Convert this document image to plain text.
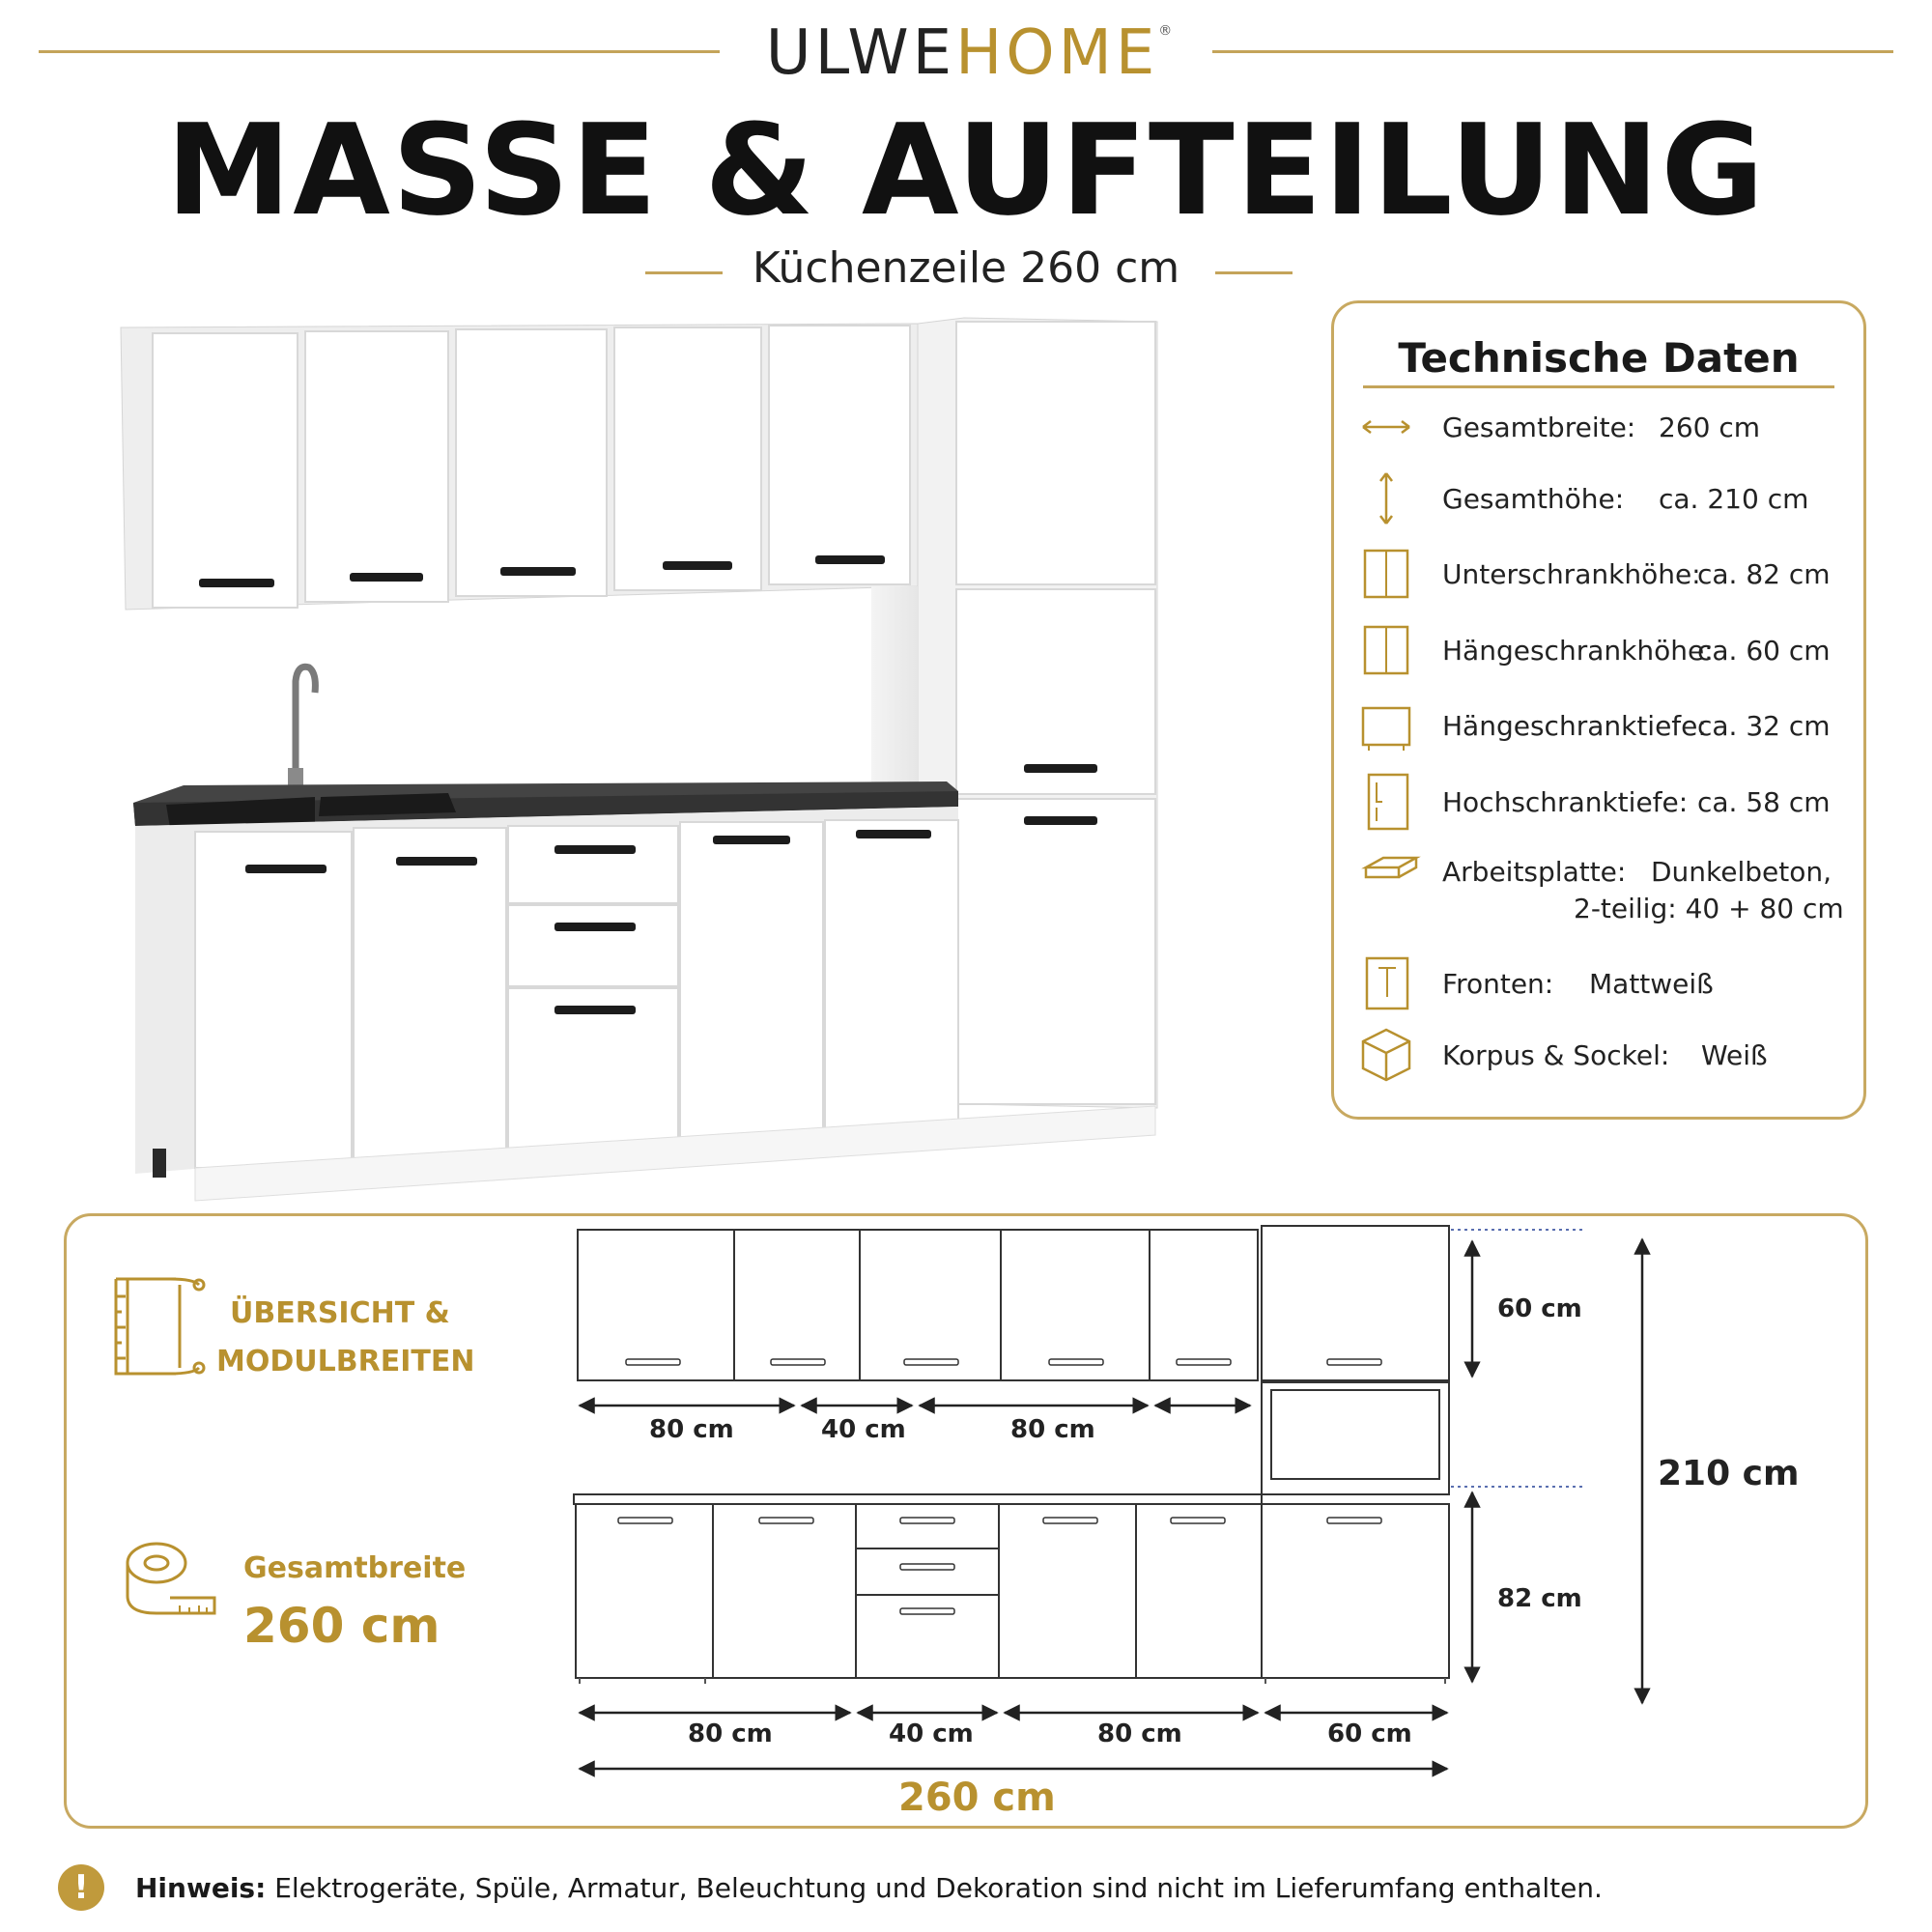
ULWEHOME®
MASSE & AUFTEILUNG
Küchenzeile 260 cm
Technische Daten
Gesamtbreite: 260 cm
Gesamthöhe: ca. 210 cm
Unterschrankhöhe:
ca. 82 cm
Hängeschrankhöhe:
ca. 60 cm
Hängeschranktiefe:
ca. 32 cm
Hochschranktiefe: ca. 58 cm
Arbeitsplatte: Dunkelbeton,
2-teilig: 40 + 80 cm
Fronten: Mattweiß
Korpus & Sockel: Weiß
ÜBERSICHT &
MODULBREITEN
Gesamtbreite
260 cm
80 cm	40 cm	80 cm
60 cm
82 cm
210 cm
80 cm	40 cm	80 cm	60 cm
260 cm
!	Hinweis: Elektrogeräte, Spüle, Armatur, Beleuchtung und Dekoration sind nicht im Lieferumfang enthalten.
